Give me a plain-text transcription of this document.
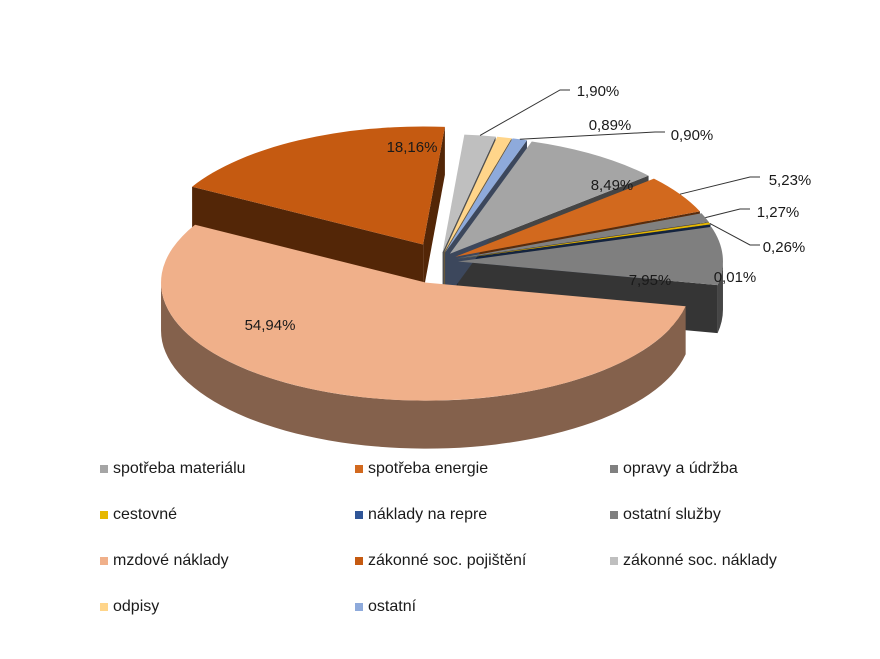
8,49%	5,23%
1,27%
0,26%
0,01%
7,95%
54,94%
18,16%
1,90%
0,89%
0,90%
spotřeba materiálu	spotřeba energie	opravy a údržba
cestovné	náklady na repre	ostatní služby
mzdové náklady	zákonné soc. pojištění	zákonné soc. náklady
odpisy	ostatní
